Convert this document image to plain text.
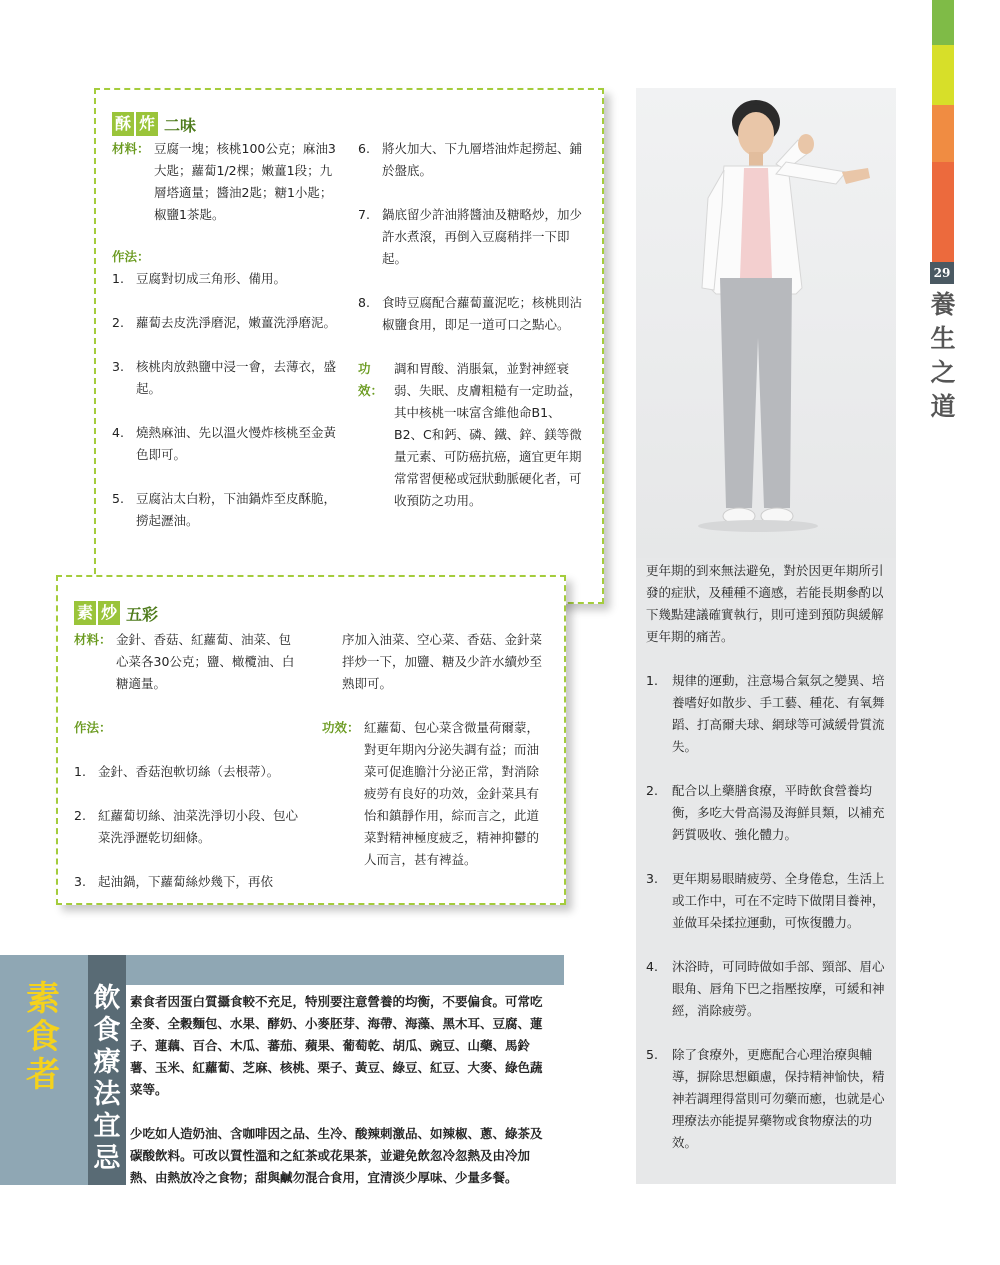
29
養生之道
酥 炸 二味
材料： 豆腐一塊；核桃100公克；麻油3大匙；蘿蔔1/2棵；嫩薑1段；九層塔適量；醬油2匙；糖1小匙；椒鹽1茶匙。
作法：
1. 豆腐對切成三角形、備用。
2. 蘿蔔去皮洗淨磨泥，嫩薑洗淨磨泥。
3. 核桃肉放熱鹽中浸一會，去薄衣，盛起。
4. 燒熱麻油、先以溫火慢炸核桃至金黃色即可。
5. 豆腐沾太白粉，下油鍋炸至皮酥脆，撈起瀝油。
6. 將火加大、下九層塔油炸起撈起、鋪於盤底。
7. 鍋底留少許油將醬油及糖略炒，加少許水煮滾，再倒入豆腐稍拌一下即起。
8. 食時豆腐配合蘿蔔薑泥吃；核桃則沾椒鹽食用，即足一道可口之點心。
功效：
調和胃酸、消脹氣，並對神經衰弱、失眠、皮膚粗糙有一定助益，其中核桃一味富含維他命B1、B2、C和鈣、磷、鐵、鋅、鎂等微量元素、可防癌抗癌，適宜更年期常常習便秘或冠狀動脈硬化者，可收預防之功用。
素 炒 五彩
材料： 金針、香菇、紅蘿蔔、油菜、包心菜各30公克；鹽、橄欖油、白糖適量。
作法：
1. 金針、香菇泡軟切絲（去根蒂）。
2. 紅蘿蔔切絲、油菜洗淨切小段、包心菜洗淨瀝乾切細條。
3. 起油鍋，下蘿蔔絲炒幾下，再依
序加入油菜、空心菜、香菇、金針菜拌炒一下，加鹽、糖及少許水續炒至熟即可。
功效： 紅蘿蔔、包心菜含微量荷爾蒙，對更年期內分泌失調有益；而油菜可促進膽汁分泌正常，對消除疲勞有良好的功效，金針菜具有怡和鎮靜作用，綜而言之，此道菜對精神極度疲乏，精神抑鬱的人而言，甚有裨益。
更年期的到來無法避免，對於因更年期所引發的症狀，及種種不適感，若能長期參酌以下幾點建議確實執行，則可達到預防與緩解更年期的痛苦。
1.	規律的運動，注意場合氣氛之變異、培養嗜好如散步、手工藝、種花、有氧舞蹈、打高爾夫球、網球等可減緩骨質流失。
2.	配合以上藥膳食療，平時飲食營養均衡，多吃大骨高湯及海鮮貝類，以補充鈣質吸收、強化體力。
3.	更年期易眼睛疲勞、全身倦怠，生活上或工作中，可在不定時下做閉目養神，並做耳朵揉拉運動，可恢復體力。
4.	沐浴時，可同時做如手部、頸部、眉心眼角、唇角下巴之指壓按摩，可緩和神經，消除疲勞。
5.	除了食療外，更應配合心理治療與輔導，摒除思想顧慮，保持精神愉快，精神若調理得當則可勿藥而癒，也就是心理療法亦能提昇藥物或食物療法的功效。
素食者
飲食療法宜忌

素食者因蛋白質攝食較不充足，特別要注意營養的均衡，不要偏食。可常吃全麥、全穀麵包、水果、酵奶、小麥胚芽、海帶、海藻、黑木耳、豆腐、蓮子、蓮藕、百合、木瓜、蕃茄、蘋果、葡萄乾、胡瓜、豌豆、山藥、馬鈴薯、玉米、紅蘿蔔、芝麻、核桃、栗子、黃豆、綠豆、紅豆、大麥、綠色蔬菜等。

少吃如人造奶油、含咖啡因之品、生冷、酸辣刺激品、如辣椒、蔥、綠茶及碳酸飲料。可改以質性溫和之紅茶或花果茶，並避免飲忽冷忽熱及由冷加熱、由熱放冷之食物；甜與鹹勿混合食用，宜清淡少厚味、少量多餐。
